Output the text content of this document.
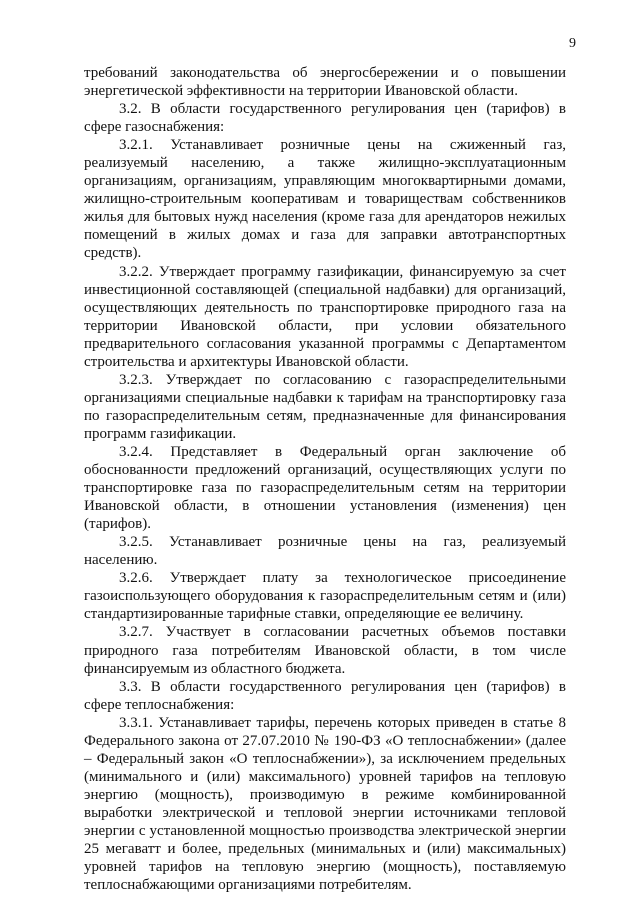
9

требований законодательства об энергосбережении и о повышении энергетической эффективности на территории Ивановской области.

3.2. В области государственного регулирования цен (тарифов) в сфере газоснабжения:

3.2.1. Устанавливает розничные цены на сжиженный газ, реализуемый населению, а также жилищно-эксплуатационным организациям, организациям, управляющим многоквартирными домами, жилищно-строительным кооперативам и товариществам собственников жилья для бытовых нужд населения (кроме газа для арендаторов нежилых помещений в жилых домах и газа для заправки автотранспортных средств).

3.2.2. Утверждает программу газификации, финансируемую за счет инвестиционной составляющей (специальной надбавки) для организаций, осуществляющих деятельность по транспортировке природного газа на территории Ивановской области, при условии обязательного предварительного согласования указанной программы с Департаментом строительства и архитектуры Ивановской области.

3.2.3. Утверждает по согласованию с газораспределительными организациями специальные надбавки к тарифам на транспортировку газа по газораспределительным сетям, предназначенные для финансирования программ газификации.

3.2.4. Представляет в Федеральный орган заключение об обоснованности предложений организаций, осуществляющих услуги по транспортировке газа по газораспределительным сетям на территории Ивановской области, в отношении установления (изменения) цен (тарифов).

3.2.5. Устанавливает розничные цены на газ, реализуемый населению.

3.2.6. Утверждает плату за технологическое присоединение газоиспользующего оборудования к газораспределительным сетям и (или) стандартизированные тарифные ставки, определяющие ее величину.

3.2.7. Участвует в согласовании расчетных объемов поставки природного газа потребителям Ивановской области, в том числе финансируемым из областного бюджета.

3.3. В области государственного регулирования цен (тарифов) в сфере теплоснабжения:

3.3.1. Устанавливает тарифы, перечень которых приведен в статье 8 Федерального закона от 27.07.2010 № 190-ФЗ «О теплоснабжении» (далее – Федеральный закон «О теплоснабжении»), за исключением предельных (минимального и (или) максимального) уровней тарифов на тепловую энергию (мощность), производимую в режиме комбинированной выработки электрической и тепловой энергии источниками тепловой энергии с установленной мощностью производства электрической энергии 25 мегаватт и более, предельных (минимальных и (или) максимальных) уровней тарифов на тепловую энергию (мощность), поставляемую теплоснабжающими организациями потребителям.
